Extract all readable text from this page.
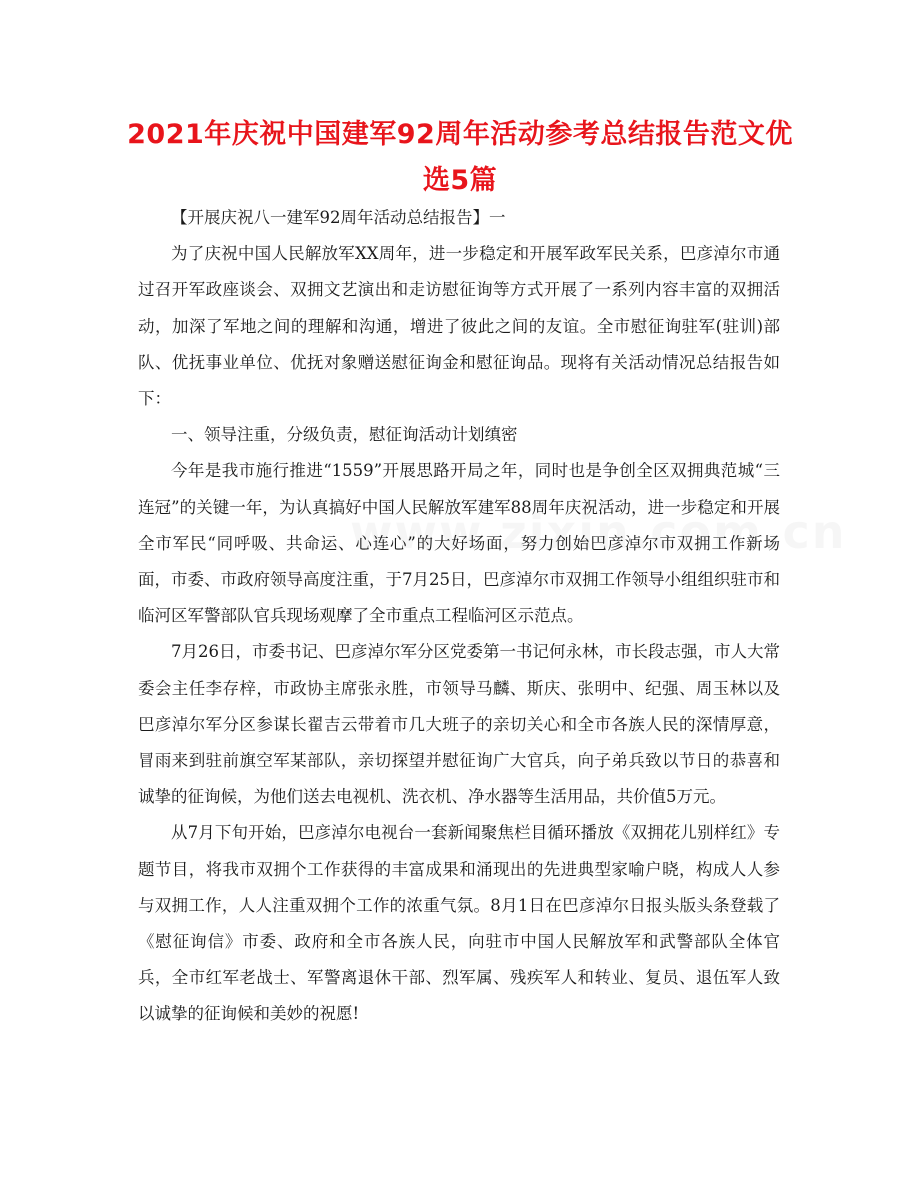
2021年庆祝中国建军92周年活动参考总结报告范文优选5篇

【开展庆祝八一建军92周年活动总结报告】一

为了庆祝中国人民解放军XX周年，进一步稳定和开展军政军民关系，巴彦淖尔市通过召开军政座谈会、双拥文艺演出和走访慰征询等方式开展了一系列内容丰富的双拥活动，加深了军地之间的理解和沟通，增进了彼此之间的友谊。全市慰征询驻军(驻训)部队、优抚事业单位、优抚对象赠送慰征询金和慰征询品。现将有关活动情况总结报告如下：

一、领导注重，分级负责，慰征询活动计划缜密

今年是我市施行推进“1559”开展思路开局之年，同时也是争创全区双拥典范城“三连冠”的关键一年，为认真搞好中国人民解放军建军88周年庆祝活动，进一步稳定和开展全市军民“同呼吸、共命运、心连心”的大好场面，努力创始巴彦淖尔市双拥工作新场面，市委、市政府领导高度注重，于7月25日，巴彦淖尔市双拥工作领导小组组织驻市和临河区军警部队官兵现场观摩了全市重点工程临河区示范点。

7月26日，市委书记、巴彦淖尔军分区党委第一书记何永林，市长段志强，市人大常委会主任李存梓，市政协主席张永胜，市领导马麟、斯庆、张明中、纪强、周玉林以及巴彦淖尔军分区参谋长翟吉云带着市几大班子的亲切关心和全市各族人民的深情厚意，冒雨来到驻前旗空军某部队，亲切探望并慰征询广大官兵，向子弟兵致以节日的恭喜和诚挚的征询候，为他们送去电视机、洗衣机、净水器等生活用品，共价值5万元。

从7月下旬开始，巴彦淖尔电视台一套新闻聚焦栏目循环播放《双拥花儿别样红》专题节目，将我市双拥个工作获得的丰富成果和涌现出的先进典型家喻户晓，构成人人参与双拥工作，人人注重双拥个工作的浓重气氛。8月1日在巴彦淖尔日报头版头条登载了《慰征询信》市委、政府和全市各族人民，向驻市中国人民解放军和武警部队全体官兵，全市红军老战士、军警离退休干部、烈军属、残疾军人和转业、复员、退伍军人致以诚挚的征询候和美妙的祝愿!
